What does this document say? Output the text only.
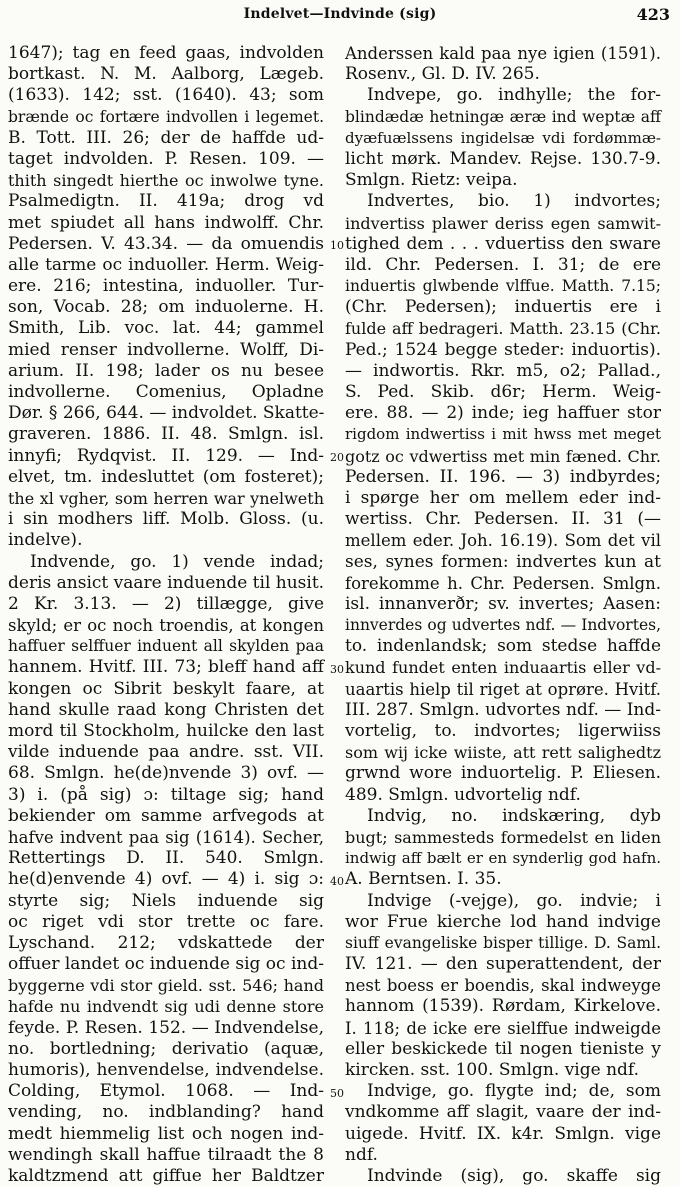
Indelvet—Indvinde (sig)	423
1647); tag en feed gaas, indvolden
bortkast. N. M. Aalborg, Lægeb.
(1633). 142; sst. (1640). 43; som
brænde oc fortære indvollen i legemet.
B. Tott. III. 26; der de haffde ud-
taget indvolden. P. Resen. 109. —
thith singedt hierthe oc inwolwe tyne.
Psalmedigtn. II. 419a; drog vd
met spiudet all hans indwolff. Chr.
Pedersen. V. 43.34. — da omuendis
alle tarme oc induoller. Herm. Weig-
ere. 216; intestina, induoller. Tur-
son, Vocab. 28; om induolerne. H.
Smith, Lib. voc. lat. 44; gammel
mied renser indvollerne. Wolff, Di-
arium. II. 198; lader os nu besee
indvollerne. Comenius, Opladne
Dør. § 266, 644. — indvoldet. Skatte-
graveren. 1886. II. 48. Smlgn. isl.
innyfi; Rydqvist. II. 129. — Ind-
elvet, tm. indesluttet (om fosteret);
the xl vgher, som herren war ynelweth
i sin modhers liff. Molb. Gloss. (u.
indelve).
Indvende, go. 1) vende indad;
deris ansict vaare induende til husit.
2 Kr. 3.13. — 2) tillægge, give
skyld; er oc noch troendis, at kongen
haffuer selffuer induent all skylden paa
hannem. Hvitf. III. 73; bleff hand aff
kongen oc Sibrit beskylt faare, at
hand skulle raad kong Christen det
mord til Stockholm, huilcke den last
vilde induende paa andre. sst. VII.
68. Smlgn. he(de)nvende 3) ovf. —
3) i. (på sig) ɔ: tiltage sig; hand
bekiender om samme arfvegods at
hafve indvent paa sig (1614). Secher,
Rettertings D. II. 540. Smlgn.
he(d)envende 4) ovf. — 4) i. sig ɔ:
styrte sig; Niels induende sig
oc riget vdi stor trette oc fare.
Lyschand. 212; vdskattede der
offuer landet oc induende sig oc ind-
byggerne vdi stor gield. sst. 546; hand
hafde nu indvendt sig udi denne store
feyde. P. Resen. 152. — Indvendelse,
no. bortledning; derivatio (aquæ,
humoris), henvendelse, indvendelse.
Colding, Etymol. 1068. — Ind-
vending, no. indblanding? hand
medt hiemmelig list och nogen ind-
wendingh skall haffue tilraadt the 8
kaldtzmend att giffue her Baldtzer
10
20
30
40
50
Anderssen kald paa nye igien (1591).
Rosenv., Gl. D. IV. 265.
Indvepe, go. indhylle; the for-
blindædæ hetningæ æræ ind weptæ aff
dyæfuælssens ingidelsæ vdi fordømmæ-
licht mørk. Mandev. Rejse. 130.7-9.
Smlgn. Rietz: veipa.
Indvertes, bio. 1) indvortes;
indvertiss plawer deriss egen samwit-
tighed dem . . . vduertiss den sware
ild. Chr. Pedersen. I. 31; de ere
induertis glwbende vlffue. Matth. 7.15;
(Chr. Pedersen); induertis ere i
fulde aff bedrageri. Matth. 23.15 (Chr.
Ped.; 1524 begge steder: induortis).
— indwortis. Rkr. m5, o2; Pallad.,
S. Ped. Skib. d6r; Herm. Weig-
ere. 88. — 2) inde; ieg haffuer stor
rigdom indwertiss i mit hwss met meget
gotz oc vdwertiss met min fæned. Chr.
Pedersen. II. 196. — 3) indbyrdes;
i spørge her om mellem eder ind-
wertiss. Chr. Pedersen. II. 31 (—
mellem eder. Joh. 16.19). Som det vil
ses, synes formen: indvertes kun at
forekomme h. Chr. Pedersen. Smlgn.
isl. innanverðr; sv. invertes; Aasen:
innverdes og udvertes ndf. — Indvortes,
to. indenlandsk; som stedse haffde
kund fundet enten induaartis eller vd-
uaartis hielp til riget at oprøre. Hvitf.
III. 287. Smlgn. udvortes ndf. — Ind-
vortelig, to. indvortes; ligerwiiss
som wij icke wiiste, att rett salighedtz
grwnd wore induortelig. P. Eliesen.
489. Smlgn. udvortelig ndf.
Indvig, no. indskæring, dyb
bugt; sammesteds formedelst en liden
indwig aff bælt er en synderlig god hafn.
A. Berntsen. I. 35.
Indvige (-vejge), go. indvie; i
wor Frue kierche lod hand indvige
siuff evangeliske bisper tillige. D. Saml.
IV. 121. — den superattendent, der
nest boess er boendis, skal indweyge
hannom (1539). Rørdam, Kirkelove.
I. 118; de icke ere sielffue indweigde
eller beskickede til nogen tieniste y
kircken. sst. 100. Smlgn. vige ndf.
Indvige, go. flygte ind; de, som
vndkomme aff slagit, vaare der ind-
uigede. Hvitf. IX. k4r. Smlgn. vige
ndf.
Indvinde (sig), go. skaffe sig
